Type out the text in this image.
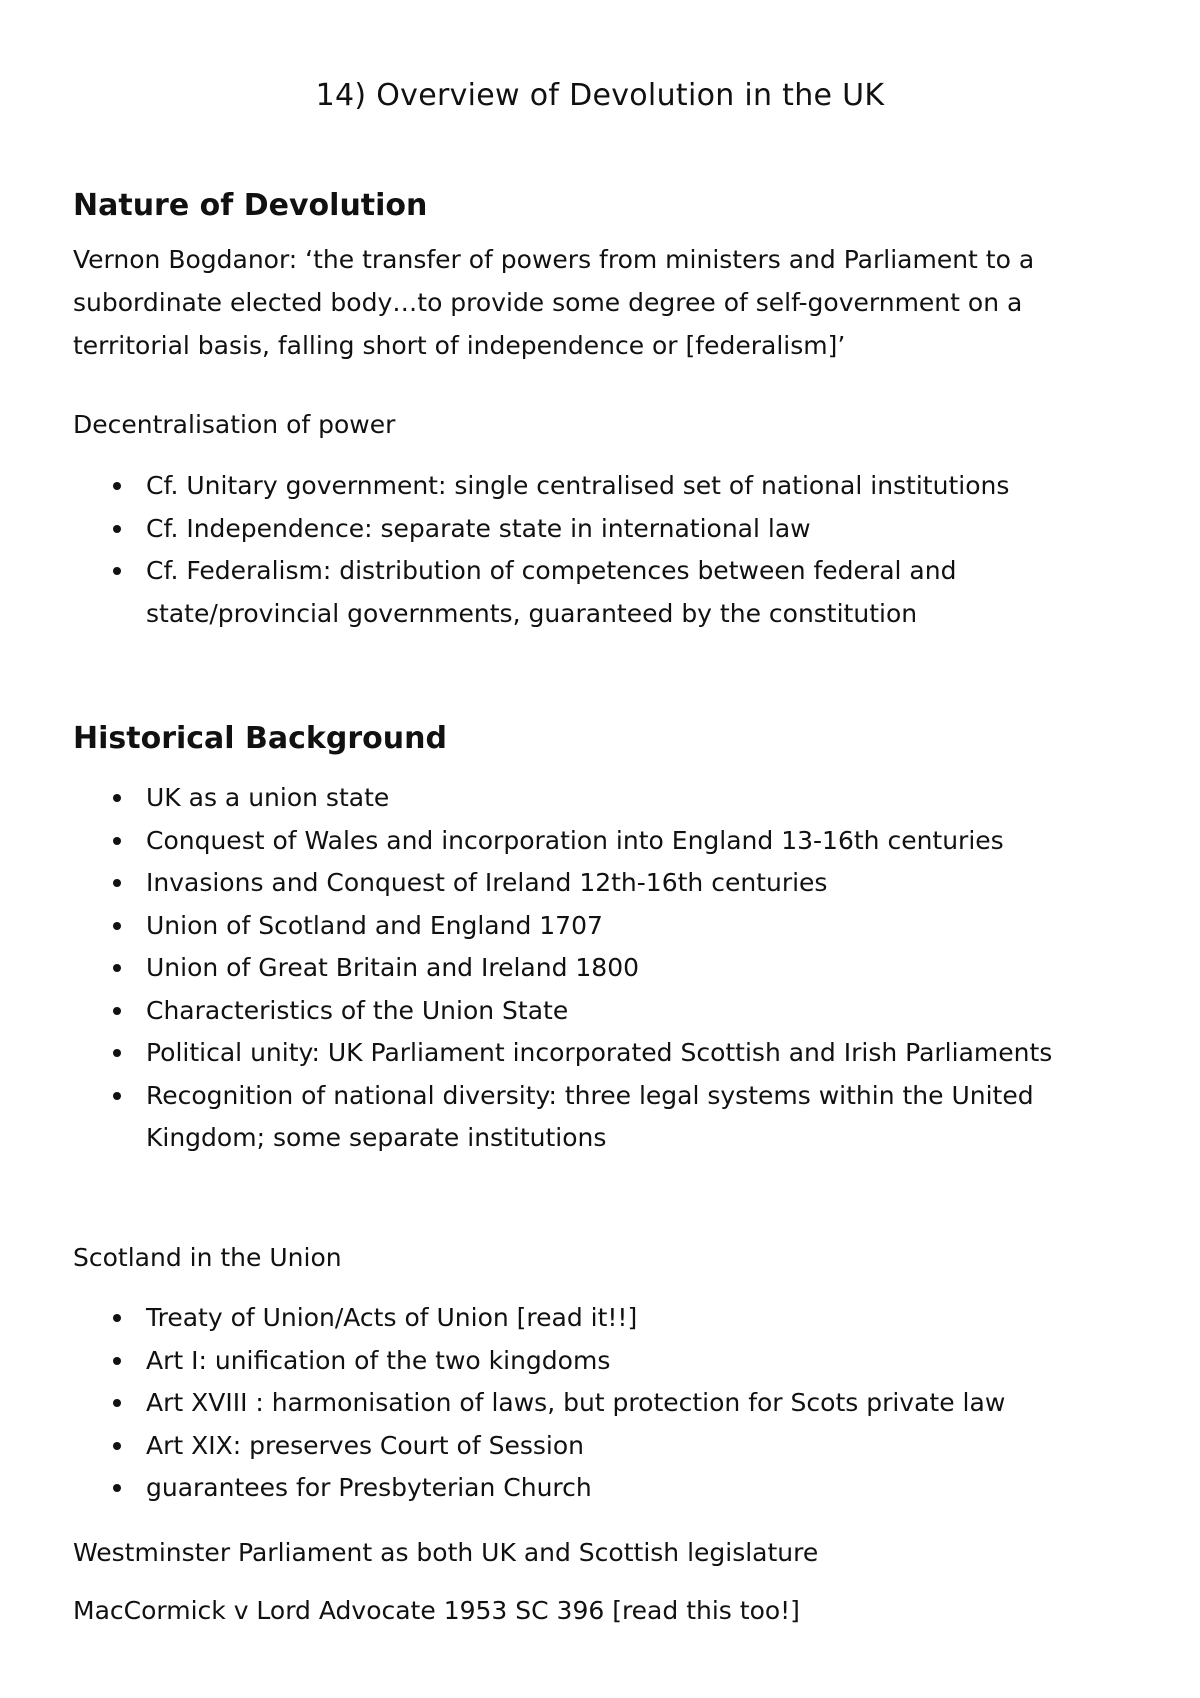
14) Overview of Devolution in the UK
Nature of Devolution

Vernon Bogdanor: ‘the transfer of powers from ministers and Parliament to a subordinate elected body…to provide some degree of self-government on a territorial basis, falling short of independence or [federalism]’

Decentralisation of power

Cf. Unitary government: single centralised set of national institutions
Cf. Independence: separate state in international law
Cf. Federalism: distribution of competences between federal and state/provincial governments, guaranteed by the constitution
Historical Background
UK as a union state
Conquest of Wales and incorporation into England 13-16th centuries
Invasions and Conquest of Ireland 12th-16th centuries
Union of Scotland and England 1707
Union of Great Britain and Ireland 1800
Characteristics of the Union State
Political unity: UK Parliament incorporated Scottish and Irish Parliaments
Recognition of national diversity: three legal systems within the United Kingdom; some separate institutions

Scotland in the Union

Treaty of Union/Acts of Union [read it!!]
Art I: unification of the two kingdoms
Art XVIII : harmonisation of laws, but protection for Scots private law
Art XIX: preserves Court of Session
guarantees for Presbyterian Church

Westminster Parliament as both UK and Scottish legislature

MacCormick v Lord Advocate 1953 SC 396 [read this too!]
